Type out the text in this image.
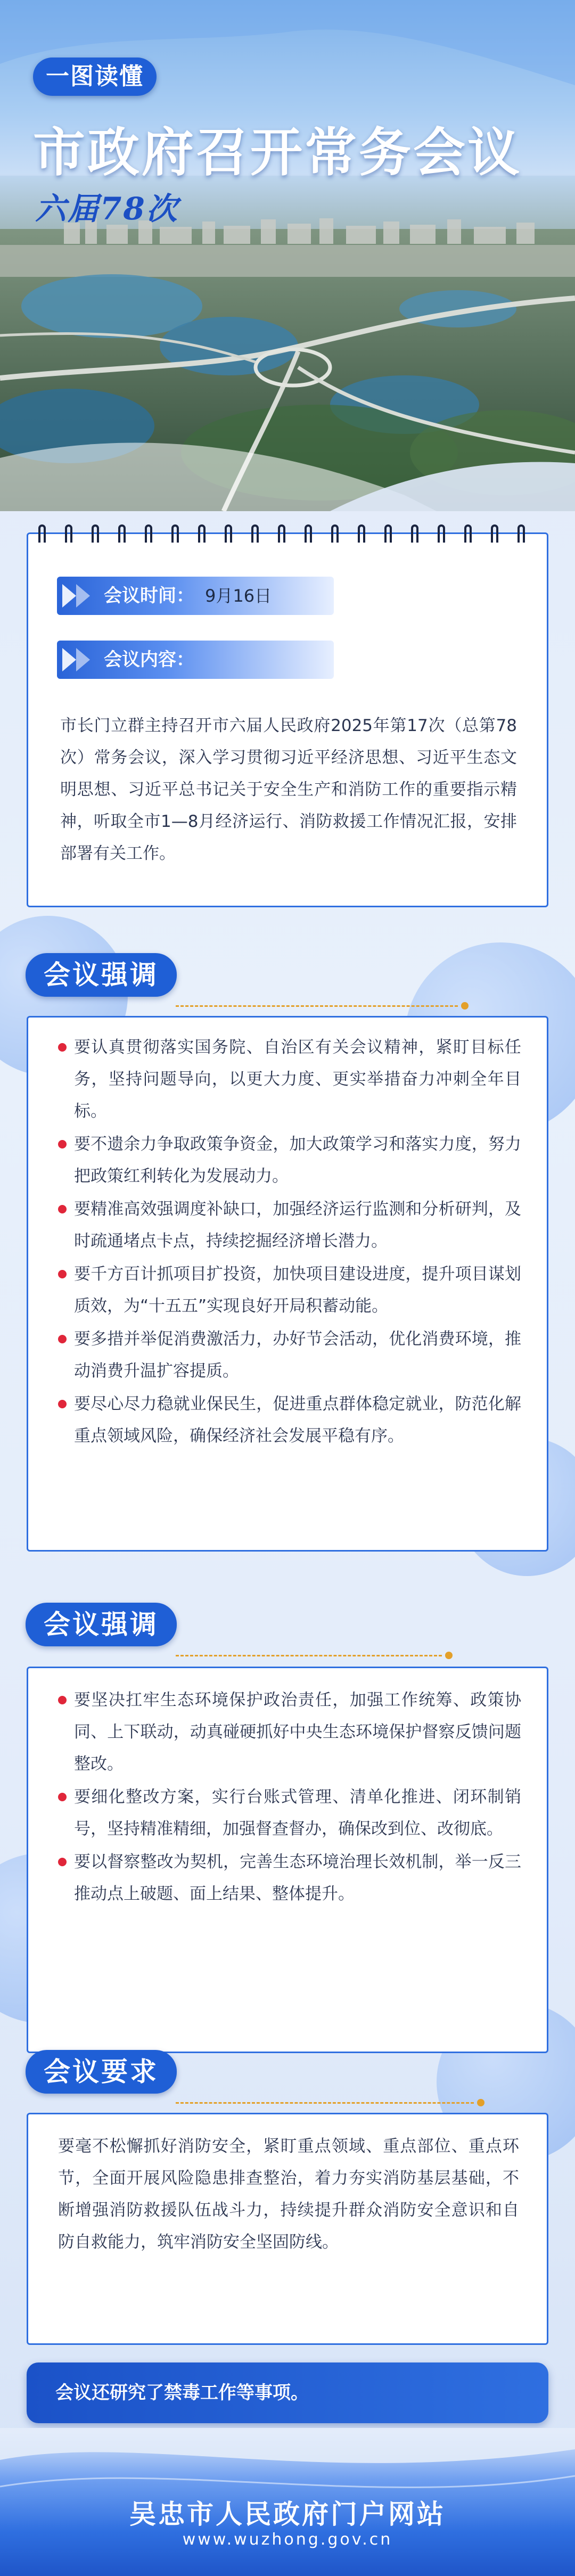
一图读懂
市政府召开常务会议
六届78次
会议时间： 9月16日
会议内容：
市长门立群主持召开市六届人民政府2025年第17次（总第78次）常务会议，深入学习贯彻习近平经济思想、习近平生态文明思想、习近平总书记关于安全生产和消防工作的重要指示精神，听取全市1—8月经济运行、消防救援工作情况汇报，安排部署有关工作。
会议强调
要认真贯彻落实国务院、自治区有关会议精神，紧盯目标任务，坚持问题导向，以更大力度、更实举措奋力冲刺全年目标。
要不遗余力争取政策争资金，加大政策学习和落实力度，努力把政策红利转化为发展动力。
要精准高效强调度补缺口，加强经济运行监测和分析研判，及时疏通堵点卡点，持续挖掘经济增长潜力。
要千方百计抓项目扩投资，加快项目建设进度，提升项目谋划质效，为“十五五”实现良好开局积蓄动能。
要多措并举促消费激活力，办好节会活动，优化消费环境，推动消费升温扩容提质。
要尽心尽力稳就业保民生，促进重点群体稳定就业，防范化解重点领域风险，确保经济社会发展平稳有序。
会议强调
要坚决扛牢生态环境保护政治责任，加强工作统筹、政策协同、上下联动，动真碰硬抓好中央生态环境保护督察反馈问题整改。
要细化整改方案，实行台账式管理、清单化推进、闭环制销号，坚持精准精细，加强督查督办，确保改到位、改彻底。
要以督察整改为契机，完善生态环境治理长效机制，举一反三推动点上破题、面上结果、整体提升。
会议要求
要毫不松懈抓好消防安全，紧盯重点领域、重点部位、重点环节，全面开展风险隐患排查整治，着力夯实消防基层基础，不断增强消防救援队伍战斗力，持续提升群众消防安全意识和自防自救能力，筑牢消防安全坚固防线。
会议还研究了禁毒工作等事项。
吴忠市人民政府门户网站
www.wuzhong.gov.cn
